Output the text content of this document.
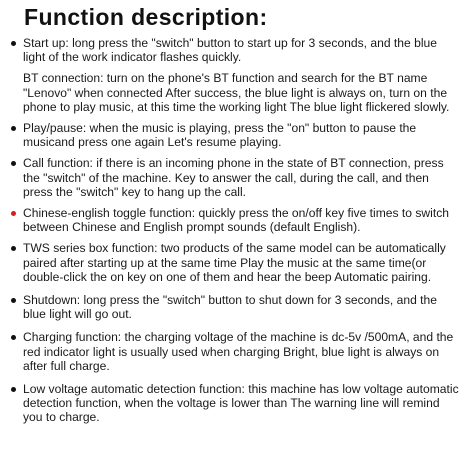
Function description:
Start up: long press the "switch" button to start up for 3 seconds, and the blue light of the work indicator flashes quickly.
BT connection: turn on the phone's BT function and search for the BT name "Lenovo" when connected After success, the blue light is always on, turn on the phone to play music, at this time the working light The blue light flickered slowly.
Play/pause: when the music is playing, press the "on" button to pause the musicand press one again Let's resume playing.
Call function: if there is an incoming phone in the state of BT connection, press the "switch" of the machine. Key to answer the call, during the call, and then press the "switch" key to hang up the call.
Chinese-english toggle function: quickly press the on/off key five times to switch between Chinese and English prompt sounds (default English).
TWS series box function: two products of the same model can be automatically paired after starting up at the same time Play the music at the same time(or double-click the on key on one of them and hear the beep Automatic pairing.
Shutdown: long press the "switch" button to shut down for 3 seconds, and the blue light will go out.
Charging function: the charging voltage of the machine is dc-5v /500mA, and the red indicator light is usually used when charging Bright, blue light is always on after full charge.
Low voltage automatic detection function: this machine has low voltage automatic detection function, when the voltage is lower than The warning line will remind you to charge.
